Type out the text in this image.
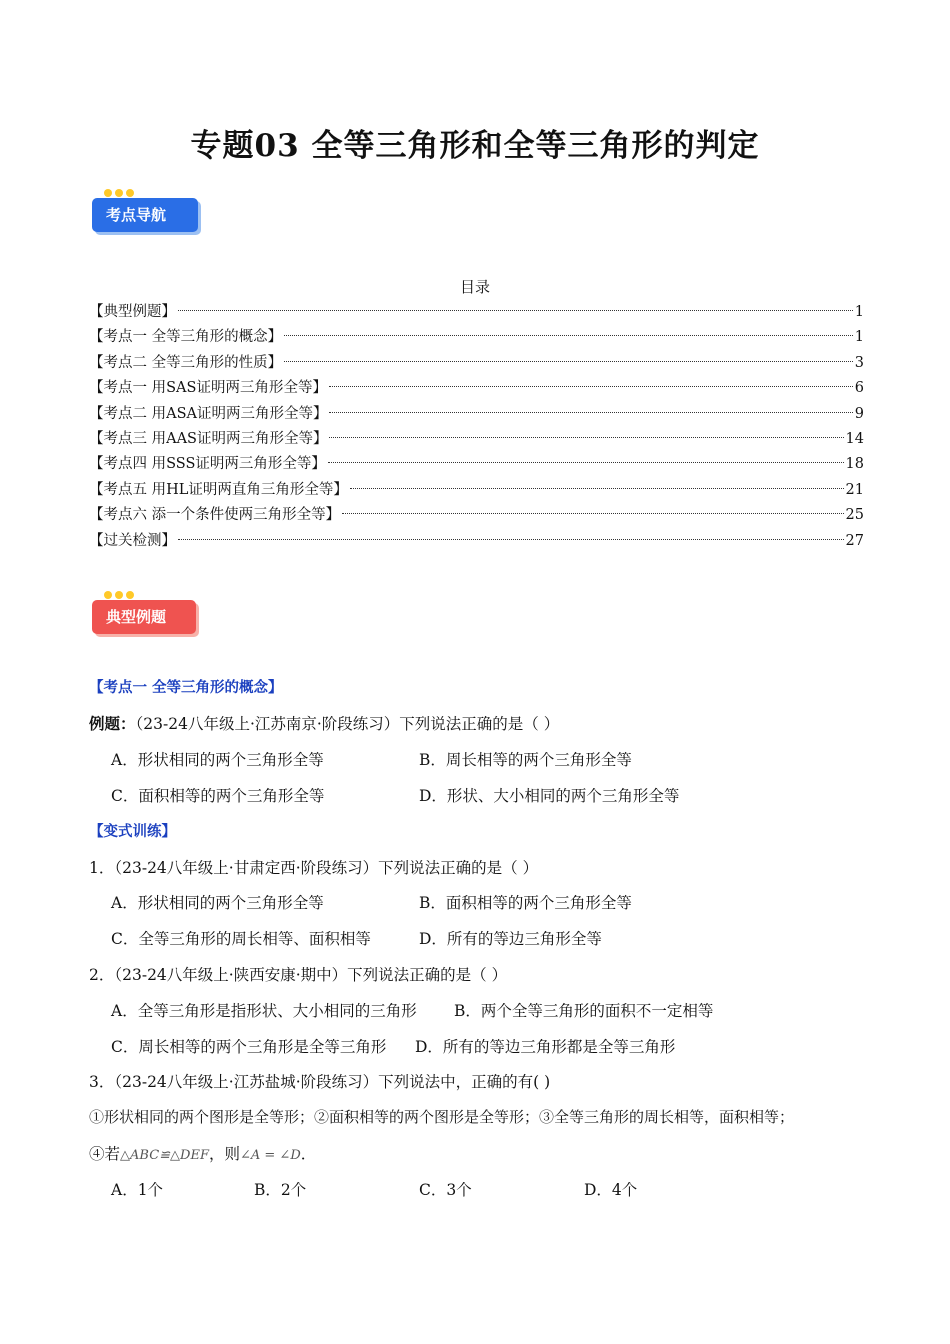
专题03 全等三角形和全等三角形的判定
考点导航
目录
【典型例题】	1
【考点一 全等三角形的概念】	1
【考点二 全等三角形的性质】	3
【考点一 用SAS证明两三角形全等】	6
【考点二 用ASA证明两三角形全等】	9
【考点三 用AAS证明两三角形全等】	14
【考点四 用SSS证明两三角形全等】	18
【考点五 用HL证明两直角三角形全等】	21
【考点六 添一个条件使两三角形全等】	25
【过关检测】	27
典型例题
【考点一 全等三角形的概念】
例题：（23-24八年级上·江苏南京·阶段练习）下列说法正确的是（ ）
A．形状相同的两个三角形全等	B．周长相等的两个三角形全等
C．面积相等的两个三角形全等	D．形状、大小相同的两个三角形全等
【变式训练】
1．（23-24八年级上·甘肃定西·阶段练习）下列说法正确的是（ ）
A．形状相同的两个三角形全等	B．面积相等的两个三角形全等
C．全等三角形的周长相等、面积相等	D．所有的等边三角形全等
2．（23-24八年级上·陕西安康·期中）下列说法正确的是（ ）
A．全等三角形是指形状、大小相同的三角形 B．两个全等三角形的面积不一定相等
C．周长相等的两个三角形是全等三角形 D．所有的等边三角形都是全等三角形
3．（23-24八年级上·江苏盐城·阶段练习）下列说法中，正确的有( )
①形状相同的两个图形是全等形；②面积相等的两个图形是全等形；③全等三角形的周长相等，面积相等；
④若△ABC≌△DEF，则∠A = ∠D．
A．1个	B．2个	C．3个	D．4个
